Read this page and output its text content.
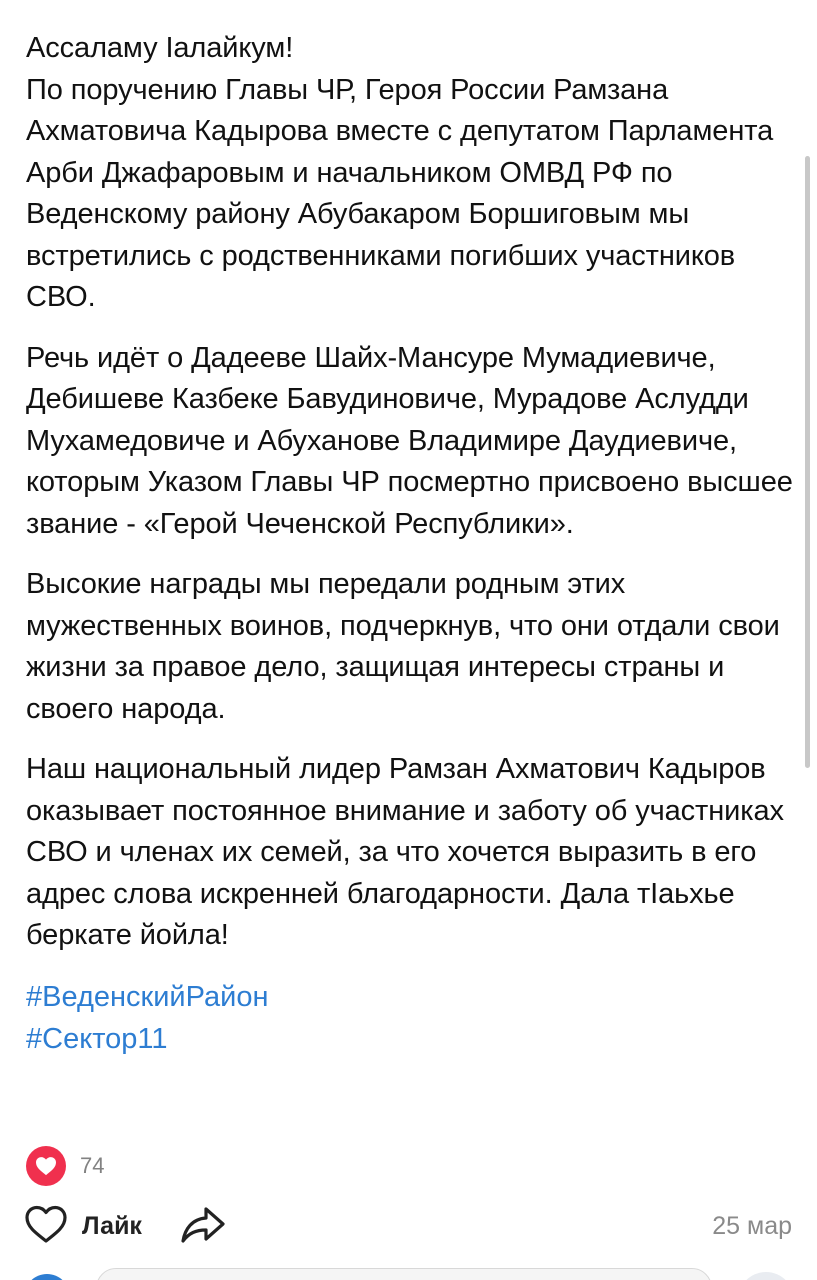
Ассаламу Iалайкум!
По поручению Главы ЧР, Героя России Рамзана Ахматовича Кадырова вместе с депутатом Парламента Арби Джафаровым и начальником ОМВД РФ по Веденскому району Абубакаром Боршиговым мы встретились с родственниками погибших участников СВО.

Речь идёт о Дадееве Шайх-Мансуре Мумадиевиче, Дебишеве Казбеке Бавудиновиче, Мурадове Аслудди Мухамедовиче и Абуханове Владимире Даудиевиче, которым Указом Главы ЧР посмертно присвоено высшее звание - «Герой Чеченской Республики».

Высокие награды мы передали родным этих мужественных воинов, подчеркнув, что они отдали свои жизни за правое дело, защищая интересы страны и своего народа.

Наш национальный лидер Рамзан Ахматович Кадыров оказывает постоянное внимание и заботу об участниках СВО и членах их семей, за что хочется выразить в его адрес слова искренней благодарности. Дала тIаьхье беркате йойла!

#ВеденскийРайон
#Сектор11
74
Лайк	25 мар
